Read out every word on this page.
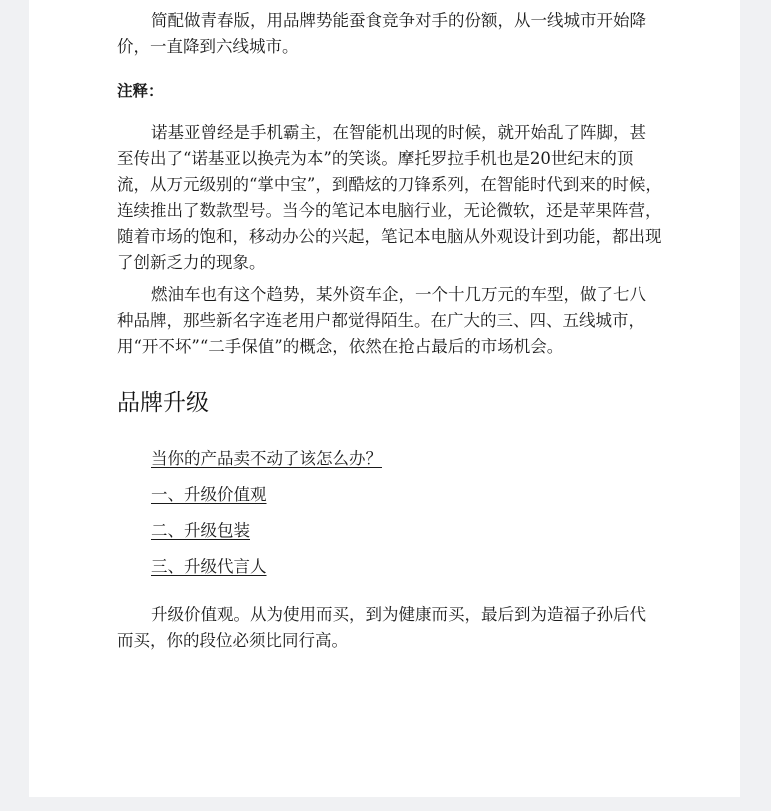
简配做青春版，用品牌势能蚕食竞争对手的份额，从一线城市开始降价，一直降到六线城市。

注释：

诺基亚曾经是手机霸主，在智能机出现的时候，就开始乱了阵脚，甚至传出了“诺基亚以换壳为本”的笑谈。摩托罗拉手机也是20世纪末的顶流，从万元级别的“掌中宝”，到酷炫的刀锋系列，在智能时代到来的时候，连续推出了数款型号。当今的笔记本电脑行业，无论微软，还是苹果阵营，随着市场的饱和，移动办公的兴起，笔记本电脑从外观设计到功能，都出现了创新乏力的现象。

燃油车也有这个趋势，某外资车企，一个十几万元的车型，做了七八种品牌，那些新名字连老用户都觉得陌生。在广大的三、四、五线城市，用“开不坏”“二手保值”的概念，依然在抢占最后的市场机会。

品牌升级
当你的产品卖不动了该怎么办？
一、升级价值观
二、升级包装
三、升级代言人

升级价值观。从为使用而买，到为健康而买，最后到为造福子孙后代而买，你的段位必须比同行高。
